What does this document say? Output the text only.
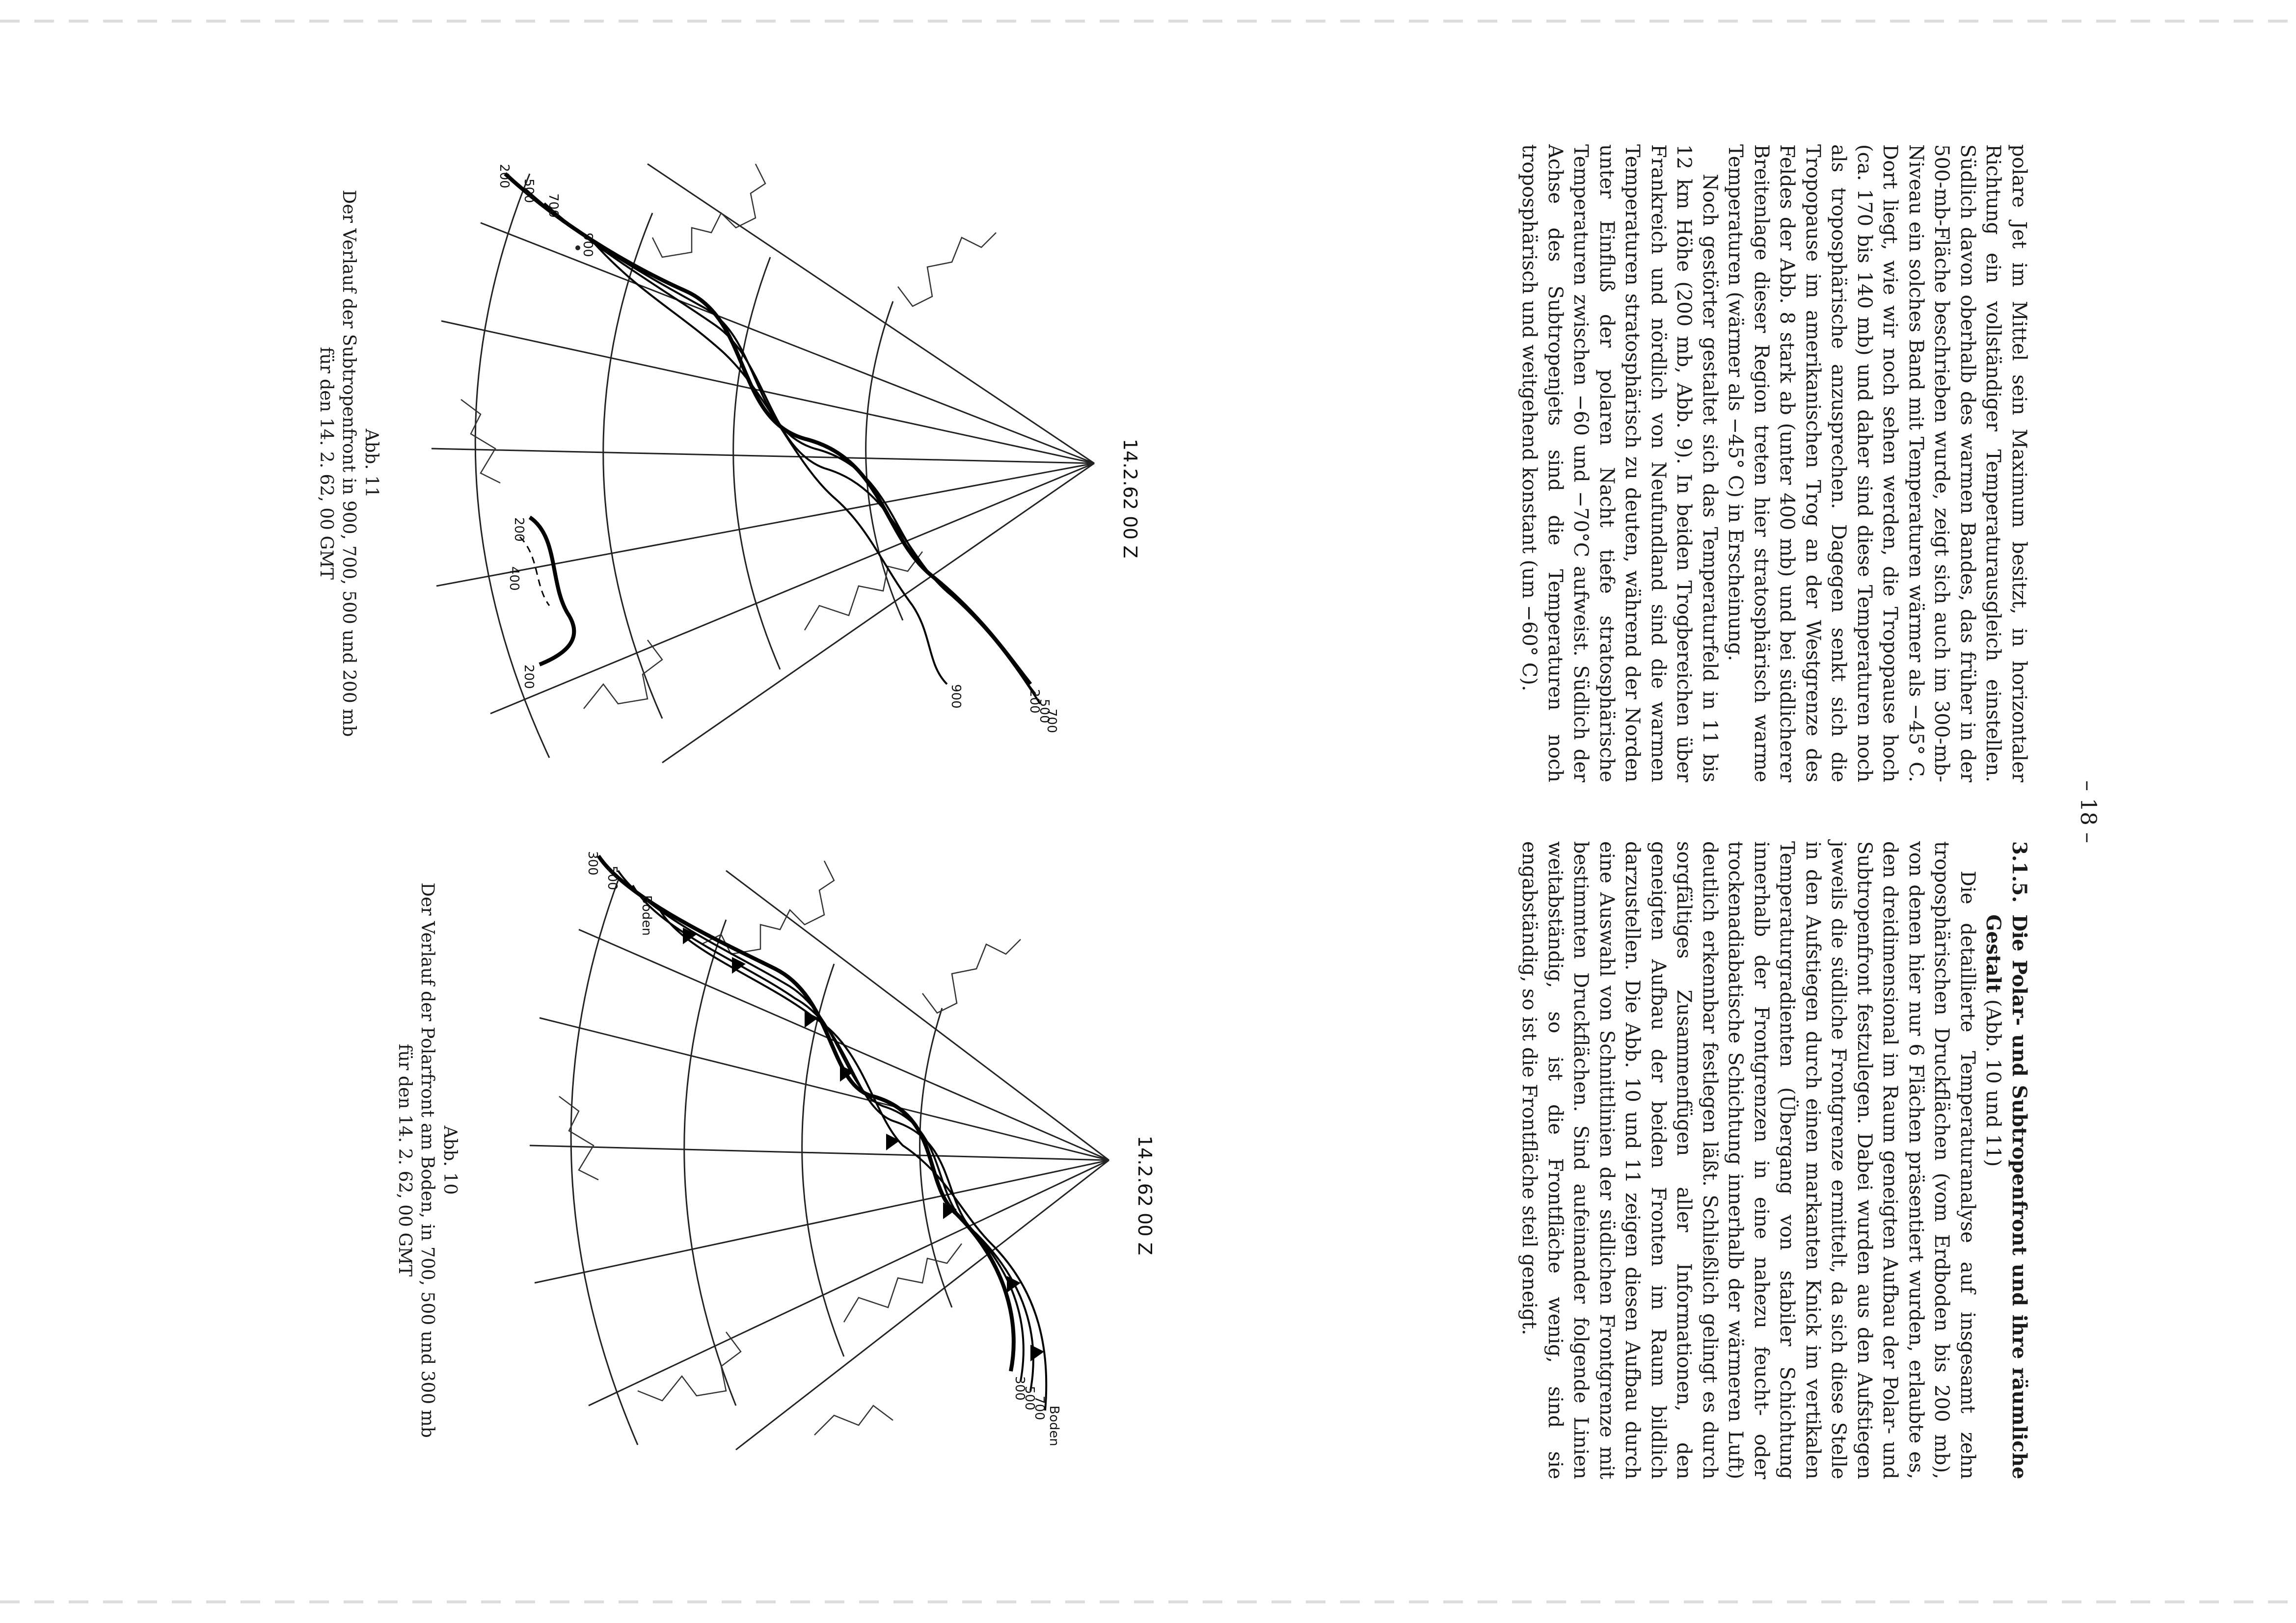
– 18 –

polare Jet im Mittel sein Maximum besitzt, in horizontaler Richtung ein vollständiger Temperaturausgleich einstellen. Südlich davon oberhalb des warmen Bandes, das früher in der 500-mb-Fläche beschrieben wurde, zeigt sich auch im 300-mb-Niveau ein solches Band mit Temperaturen wärmer als −45° C. Dort liegt, wie wir noch sehen werden, die Tropopause hoch (ca. 170 bis 140 mb) und daher sind diese Temperaturen noch als troposphärische anzusprechen. Dagegen senkt sich die Tropopause im amerikanischen Trog an der Westgrenze des Feldes der Abb. 8 stark ab (unter 400 mb) und bei südlicherer Breitenlage dieser Region treten hier stratosphärisch warme Temperaturen (wärmer als −45° C) in Erscheinung.

Noch gestörter gestaltet sich das Temperaturfeld in 11 bis 12 km Höhe (200 mb, Abb. 9). In beiden Trogbereichen über Frankreich und nördlich von Neufundland sind die warmen Temperaturen stratosphärisch zu deuten, während der Norden unter Einfluß der polaren Nacht tiefe stratosphärische Temperaturen zwischen −60 und −70°C aufweist. Südlich der Achse des Subtropenjets sind die Temperaturen noch troposphärisch und weitgehend konstant (um −60° C).

3.1.5.
Die Polar- und Subtropenfront und ihre räumliche Gestalt (Abb. 10 und 11)

Die detaillierte Temperaturanalyse auf insgesamt zehn troposphärischen Druckflächen (vom Erdboden bis 200 mb), von denen hier nur 6 Flächen präsentiert wurden, erlaubte es, den dreidimensional im Raum geneigten Aufbau der Polar- und Subtropenfront festzulegen. Dabei wurden aus den Aufstiegen jeweils die südliche Frontgrenze ermittelt, da sich diese Stelle in den Aufstiegen durch einen markanten Knick im vertikalen Temperaturgradienten (Übergang von stabiler Schichtung innerhalb der Frontgrenzen in eine nahezu feucht- oder trockenadiabatische Schichtung innerhalb der wärmeren Luft) deutlich erkennbar festlegen läßt. Schließlich gelingt es durch sorgfältiges Zusammenfügen aller Informationen, den geneigten Aufbau der beiden Fronten im Raum bildlich darzustellen. Die Abb. 10 und 11 zeigen diesen Aufbau durch eine Auswahl von Schnittlinien der südlichen Frontgrenze mit bestimmten Druckflächen. Sind aufeinander folgende Linien weitabständig, so ist die Frontfläche wenig, sind sie engabständig, so ist die Frontfläche steil geneigt.

14.2.62 00 Z
300
500
700 Boden
300
500
Boden
Abb. 10
Der Verlauf der Polarfront am Boden, in 700, 500 und 300 mb
für den 14. 2. 62, 00 GMT
14.2.62 00 Z
200
500
700
900
900
700
500
200
200
400
200
Abb. 11
Der Verlauf der Subtropenfront in 900, 700, 500 und 200 mb
für den 14. 2. 62, 00 GMT
